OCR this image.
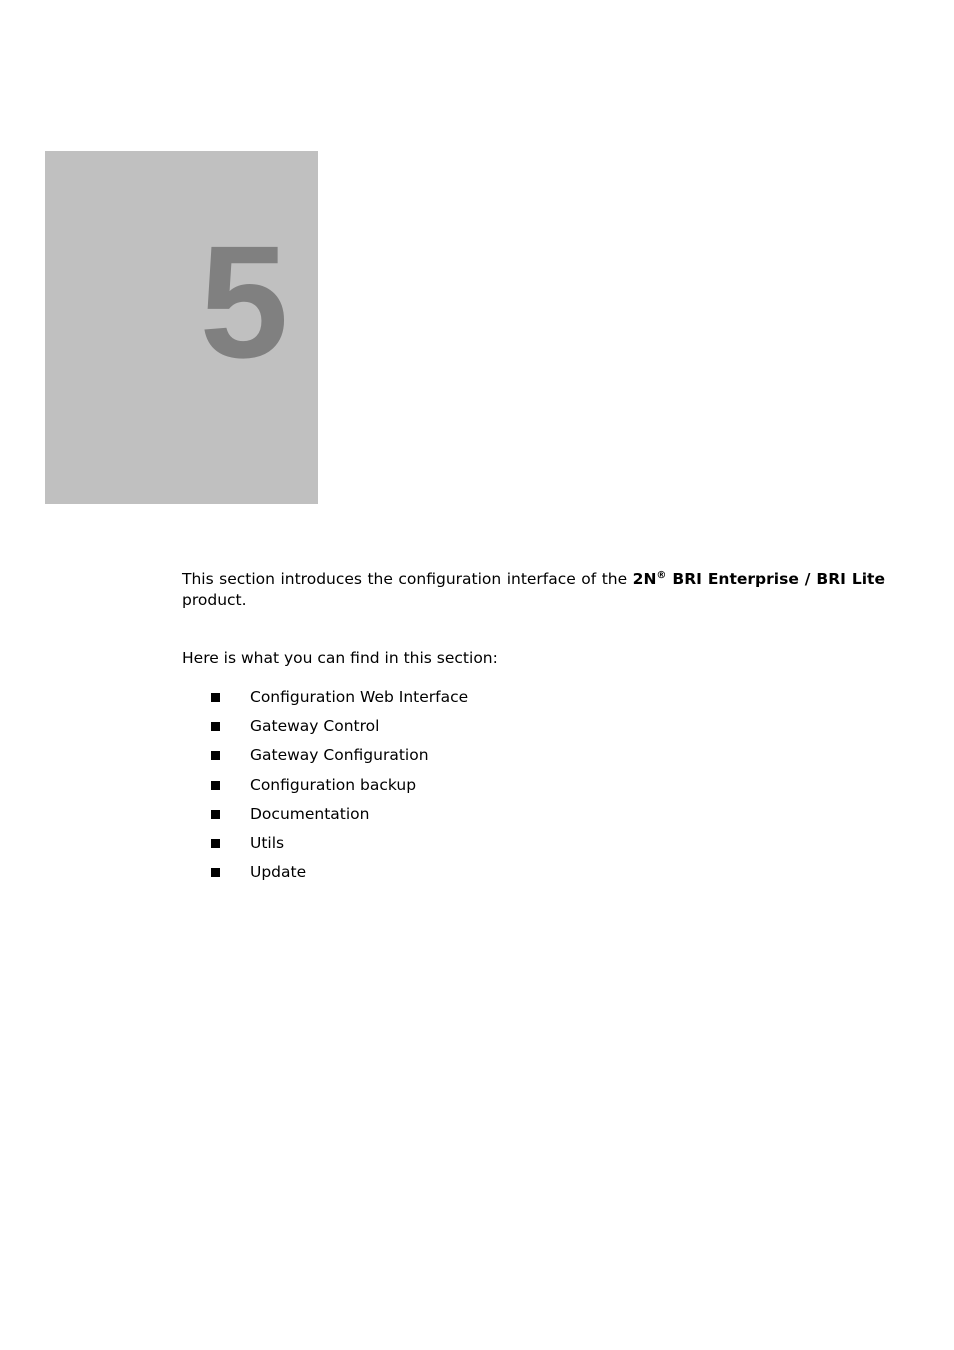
5

This section introduces the configuration interface of the 2N® BRI Enterprise / BRI Lite product.

Here is what you can find in this section:

Configuration Web Interface
Gateway Control
Gateway Configuration
Configuration backup
Documentation
Utils
Update
